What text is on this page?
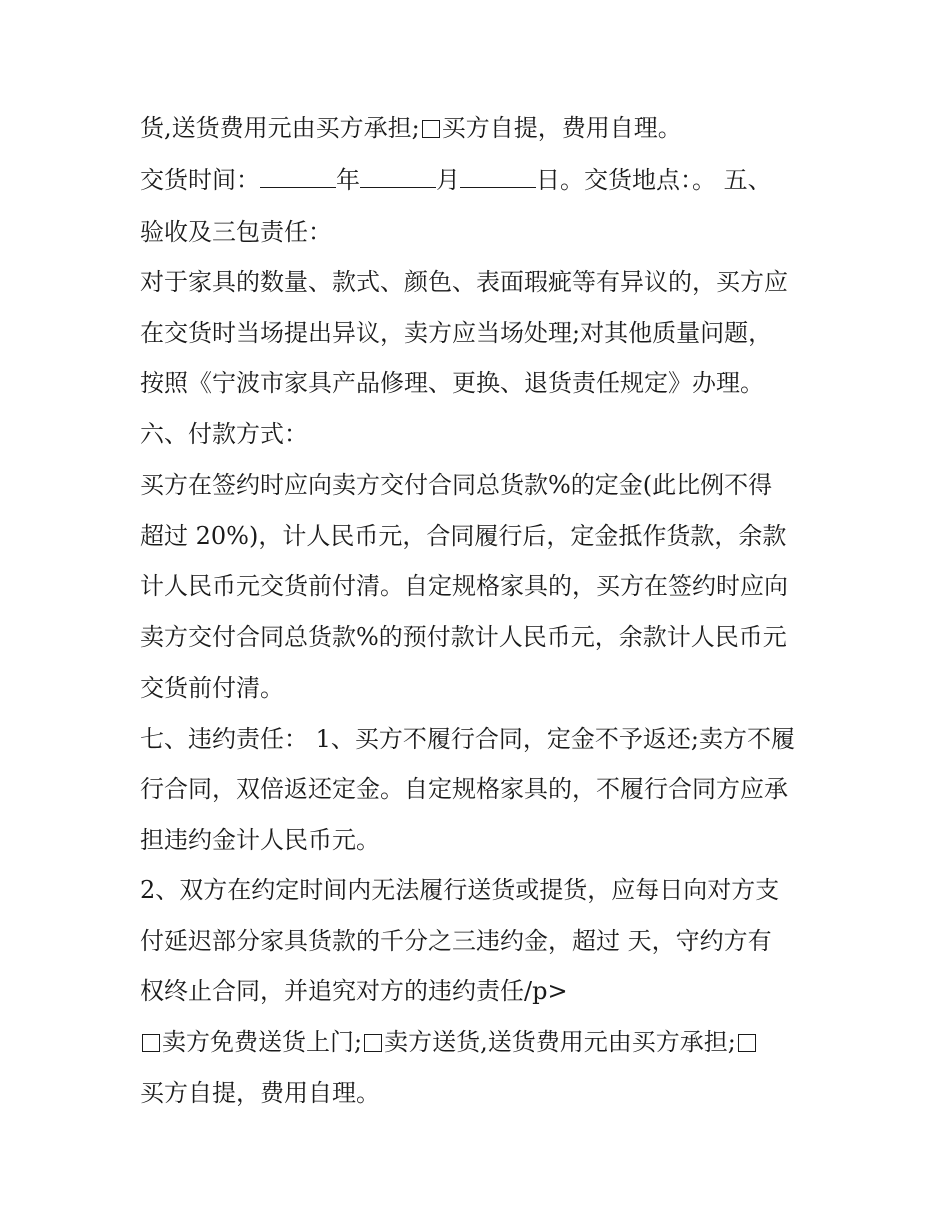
货,送货费用元由买方承担; 买方自提，费用自理。
交货时间：	年	月	日。交货地点：。 五、
验收及三包责任：
对于家具的数量、款式、颜色、表面瑕疵等有异议的，买方应
在交货时当场提出异议，卖方应当场处理;对其他质量问题，
按照《宁波市家具产品修理、更换、退货责任规定》办理。
六、付款方式：
买方在签约时应向卖方交付合同总货款%的定金(此比例不得
超过 20%)，计人民币元，合同履行后，定金抵作货款，余款
计人民币元交货前付清。自定规格家具的，买方在签约时应向
卖方交付合同总货款%的预付款计人民币元，余款计人民币元
交货前付清。
七、违约责任： 1、买方不履行合同，定金不予返还;卖方不履
行合同，双倍返还定金。自定规格家具的，不履行合同方应承
担违约金计人民币元。
2、双方在约定时间内无法履行送货或提货，应每日向对方支
付延迟部分家具货款的千分之三违约金，超过 天，守约方有
权终止合同，并追究对方的违约责任/p>
卖方免费送货上门; 卖方送货,送货费用元由买方承担;
买方自提，费用自理。
